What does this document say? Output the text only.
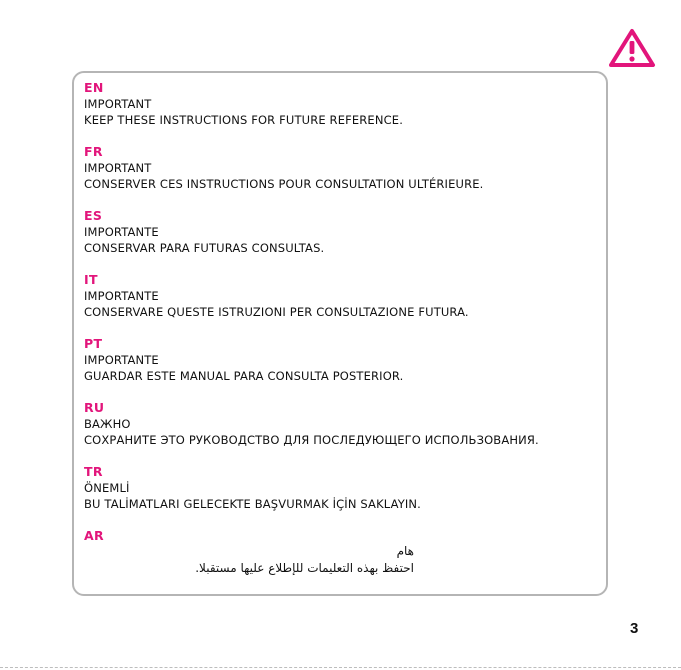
EN
IMPORTANT
KEEP THESE INSTRUCTIONS FOR FUTURE REFERENCE.
FR
IMPORTANT
CONSERVER CES INSTRUCTIONS POUR CONSULTATION ULTÉRIEURE.
ES
IMPORTANTE
CONSERVAR PARA FUTURAS CONSULTAS.
IT
IMPORTANTE
CONSERVARE QUESTE ISTRUZIONI PER CONSULTAZIONE FUTURA.
PT
IMPORTANTE
GUARDAR ESTE MANUAL PARA CONSULTA POSTERIOR.
RU
ВАЖНО
СОХРАНИТЕ ЭТО РУКОВОДСТВО ДЛЯ ПОСЛЕДУЮЩЕГО ИСПОЛЬЗОВАНИЯ.
TR
ÖNEMLİ
BU TALİMATLARI GELECEKTE BAŞVURMAK İÇİN SAKLAYIN.
AR
هام
احتفظ بهذه التعليمات للإطلاع عليها مستقبلا.
3
